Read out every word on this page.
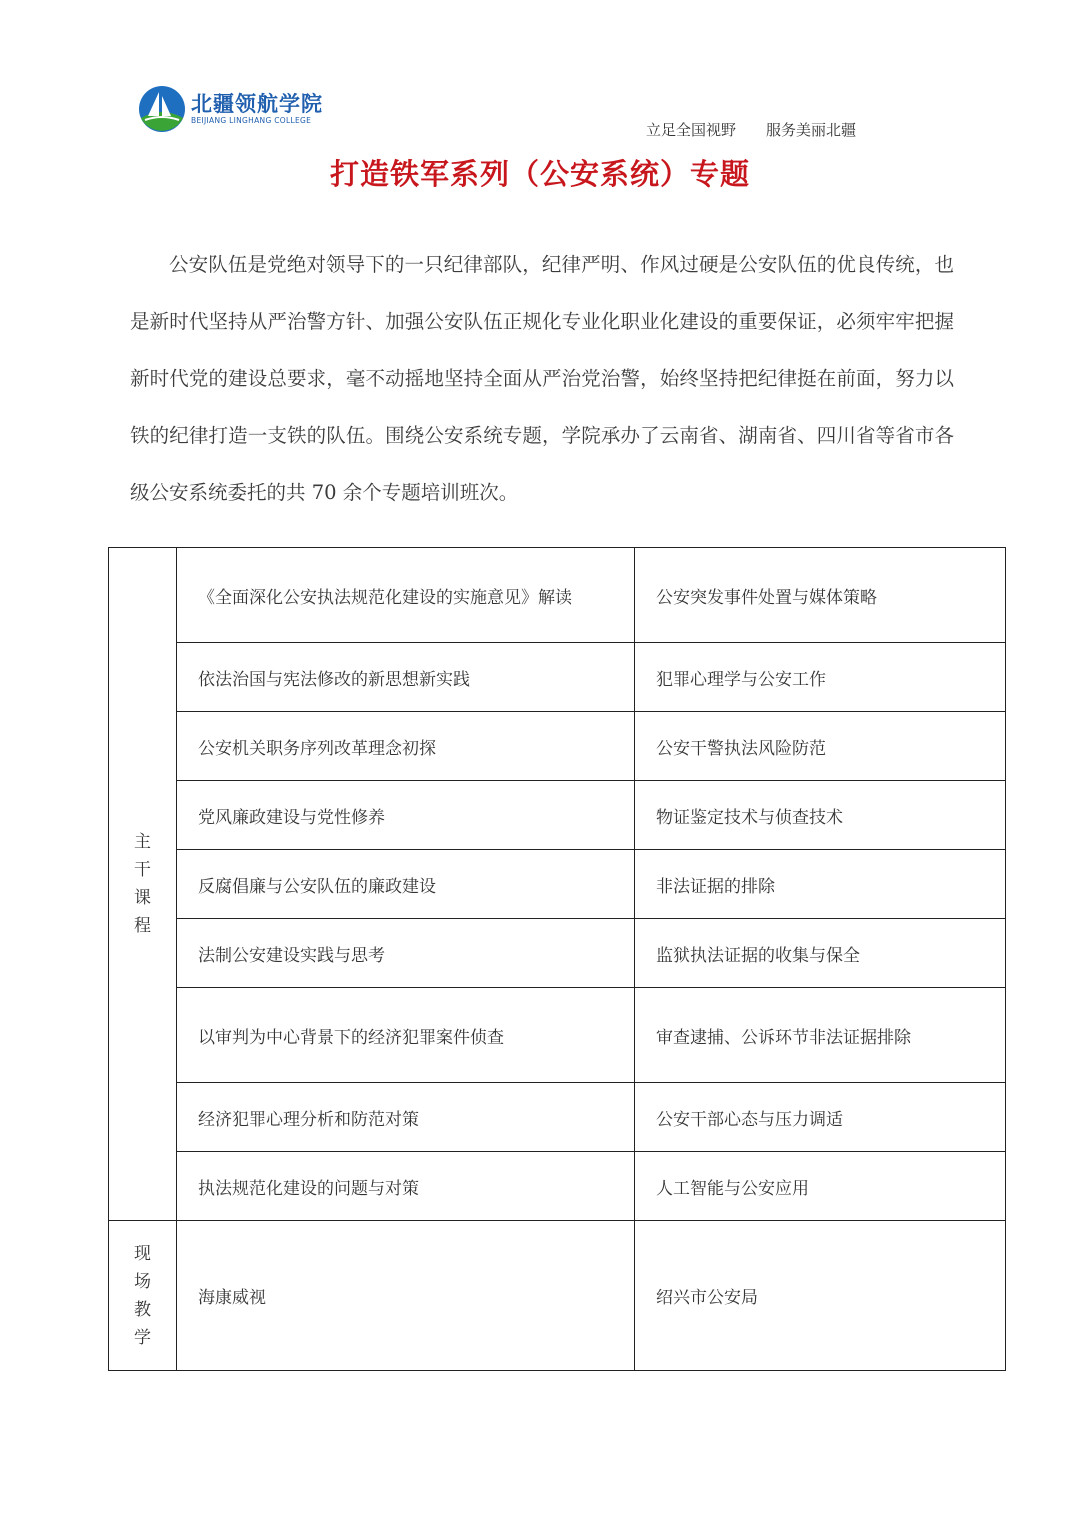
北疆领航学院
BEIJIANG LINGHANG COLLEGE
立足全国视野 服务美丽北疆
打造铁军系列（公安系统）专题

公安队伍是党绝对领导下的一只纪律部队，纪律严明、作风过硬是公安队伍的优良传统，也是新时代坚持从严治警方针、加强公安队伍正规化专业化职业化建设的重要保证，必须牢牢把握新时代党的建设总要求，毫不动摇地坚持全面从严治党治警，始终坚持把纪律挺在前面，努力以铁的纪律打造一支铁的队伍。围绕公安系统专题，学院承办了云南省、湖南省、四川省等省市各级公安系统委托的共 70 余个专题培训班次。

主干课程	《全面深化公安执法规范化建设的实施意见》解读	公安突发事件处置与媒体策略
	依法治国与宪法修改的新思想新实践	犯罪心理学与公安工作
	公安机关职务序列改革理念初探	公安干警执法风险防范
	党风廉政建设与党性修养	物证鉴定技术与侦查技术
	反腐倡廉与公安队伍的廉政建设	非法证据的排除
	法制公安建设实践与思考	监狱执法证据的收集与保全
	以审判为中心背景下的经济犯罪案件侦查	审查逮捕、公诉环节非法证据排除
	经济犯罪心理分析和防范对策	公安干部心态与压力调适
	执法规范化建设的问题与对策	人工智能与公安应用
现场教学	海康威视	绍兴市公安局
